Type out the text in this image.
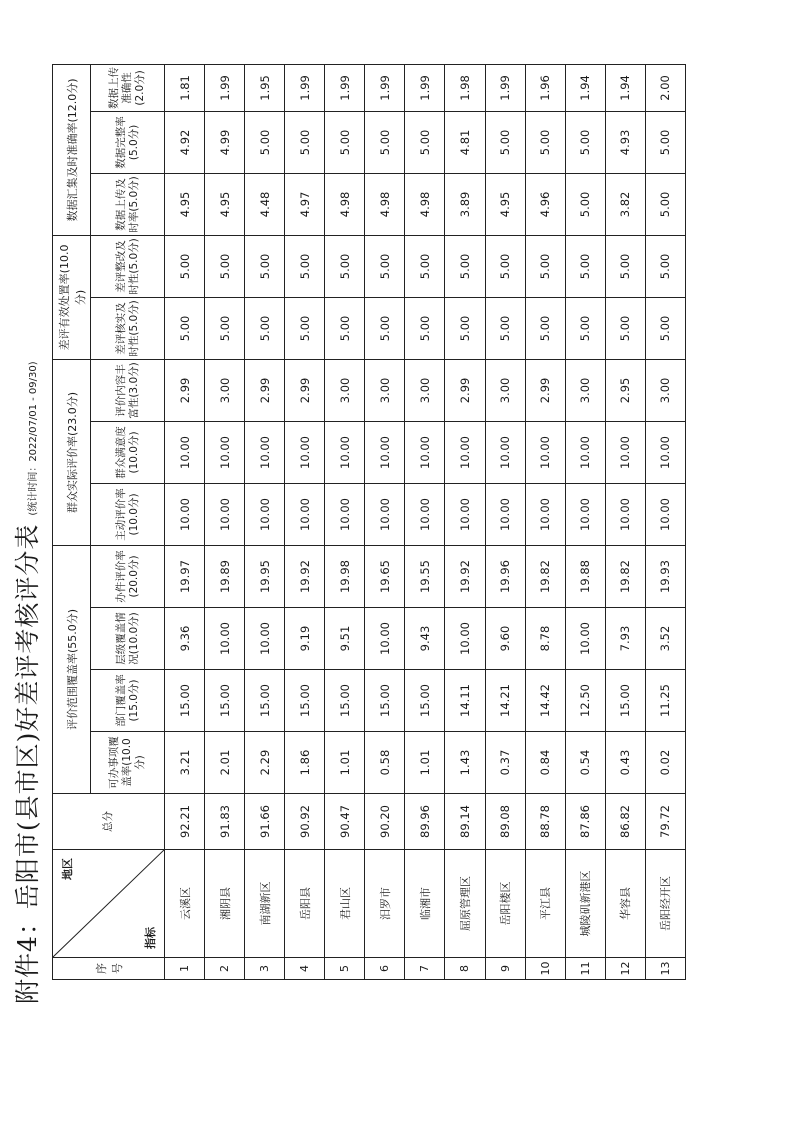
附件4：岳阳市(县市区)好差评考核评分表(统计时间：2022/07/01 - 09/30)
序号	指标
地区	总分	评价范围覆盖率(55.0分)				群众实际评价率(23.0分)			差评有效处置率(10.0分)		数据汇集及时准确率(12.0分)		
			可办事项覆盖率(10.0分)	部门覆盖率(15.0分)	层级覆盖情况(10.0分)	办件评价率(20.0分)	主动评价率(10.0分)	群众满意度(10.0分)	评价内容丰富性(3.0分)	差评核实及时性(5.0分)	差评整改及时性(5.0分)	数据上传及时率(5.0分)	数据完整率(5.0分)	数据上传准确性(2.0分)
1	云溪区	92.21	3.21	15.00	9.36	19.97	10.00	10.00	2.99	5.00	5.00	4.95	4.92	1.81
2	湘阴县	91.83	2.01	15.00	10.00	19.89	10.00	10.00	3.00	5.00	5.00	4.95	4.99	1.99
3	南湖新区	91.66	2.29	15.00	10.00	19.95	10.00	10.00	2.99	5.00	5.00	4.48	5.00	1.95
4	岳阳县	90.92	1.86	15.00	9.19	19.92	10.00	10.00	2.99	5.00	5.00	4.97	5.00	1.99
5	君山区	90.47	1.01	15.00	9.51	19.98	10.00	10.00	3.00	5.00	5.00	4.98	5.00	1.99
6	汨罗市	90.20	0.58	15.00	10.00	19.65	10.00	10.00	3.00	5.00	5.00	4.98	5.00	1.99
7	临湘市	89.96	1.01	15.00	9.43	19.55	10.00	10.00	3.00	5.00	5.00	4.98	5.00	1.99
8	屈原管理区	89.14	1.43	14.11	10.00	19.92	10.00	10.00	2.99	5.00	5.00	3.89	4.81	1.98
9	岳阳楼区	89.08	0.37	14.21	9.60	19.96	10.00	10.00	3.00	5.00	5.00	4.95	5.00	1.99
10	平江县	88.78	0.84	14.42	8.78	19.82	10.00	10.00	2.99	5.00	5.00	4.96	5.00	1.96
11	城陵矶新港区	87.86	0.54	12.50	10.00	19.88	10.00	10.00	3.00	5.00	5.00	5.00	5.00	1.94
12	华容县	86.82	0.43	15.00	7.93	19.82	10.00	10.00	2.95	5.00	5.00	3.82	4.93	1.94
13	岳阳经开区	79.72	0.02	11.25	3.52	19.93	10.00	10.00	3.00	5.00	5.00	5.00	5.00	2.00
